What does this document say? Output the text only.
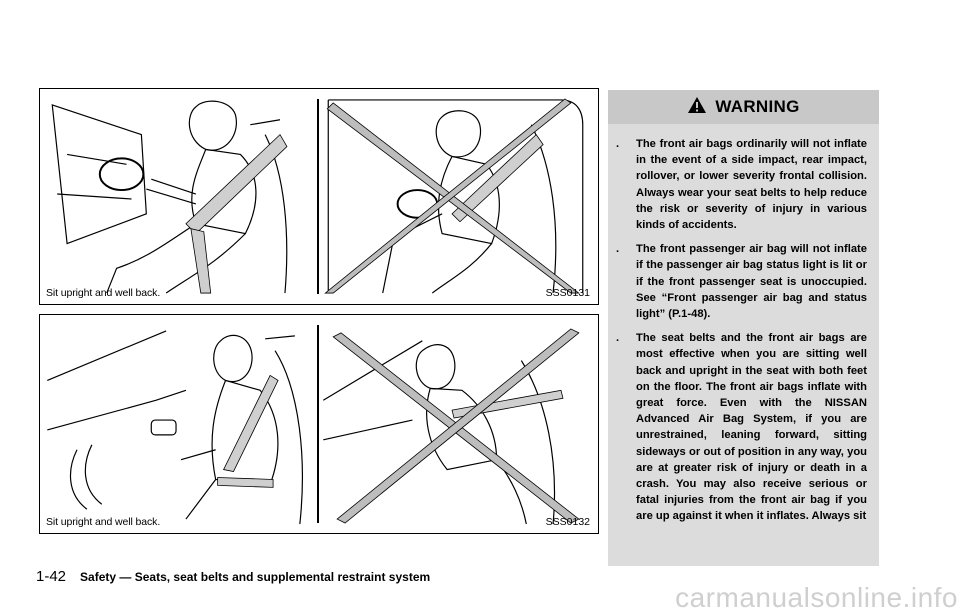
Sit upright and well back.	SSS0131
Sit upright and well back.	SSS0132
WARNING
.	The front air bags ordinarily will not inflate in the event of a side impact, rear impact, rollover, or lower severity frontal collision. Always wear your seat belts to help reduce the risk or severity of injury in various kinds of accidents.
.	The front passenger air bag will not inflate if the passenger air bag status light is lit or if the front passenger seat is unoccupied. See “Front passenger air bag and status light” (P.1-48).
.	The seat belts and the front air bags are most effective when you are sitting well back and upright in the seat with both feet on the floor. The front air bags inflate with great force. Even with the NISSAN Advanced Air Bag System, if you are unrestrained, leaning forward, sitting sideways or out of position in any way, you are at greater risk of injury or death in a crash. You may also receive serious or fatal injuries from the front air bag if you are up against it when it inflates. Always sit
1-42 Safety — Seats, seat belts and supplemental restraint system
carmanualsonline.info
